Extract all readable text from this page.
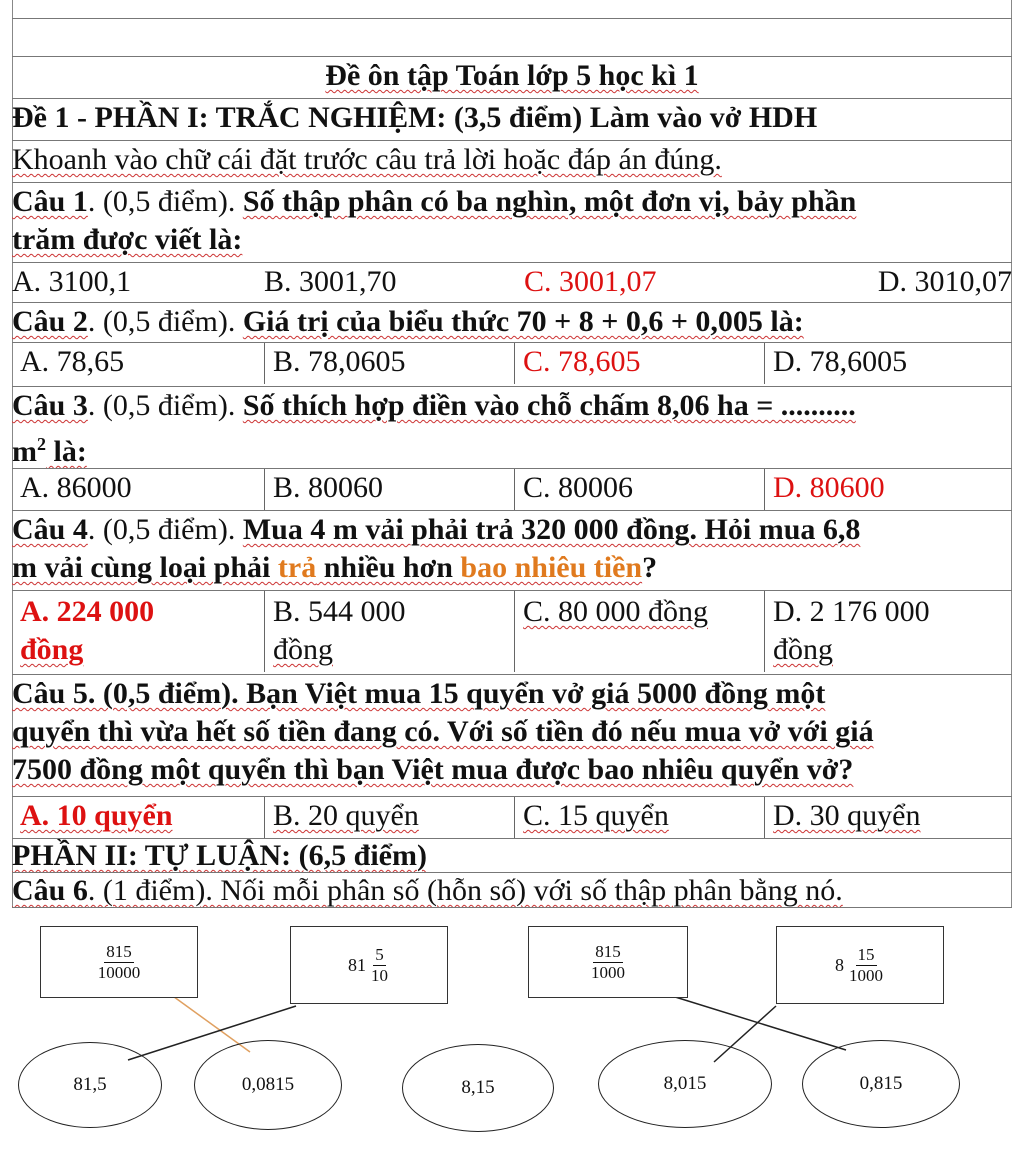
Đề ôn tập Toán lớp 5 học kì 1
Đề 1 - PHẦN I: TRẮC NGHIỆM: (3,5 điểm) Làm vào vở HDH
Khoanh vào chữ cái đặt trước câu trả lời hoặc đáp án đúng.
Câu 1. (0,5 điểm). Số thập phân có ba nghìn, một đơn vị, bảy phần
trăm được viết là:
A. 3100,1	B. 3001,70	C. 3001,07	D. 3010,07
Câu 2. (0,5 điểm). Giá trị của biểu thức 70 + 8 + 0,6 + 0,005 là:
A. 78,65	B. 78,0605	C. 78,605	D. 78,6005
Câu 3. (0,5 điểm). Số thích hợp điền vào chỗ chấm 8,06 ha = ..........
$m^2$ là:
A. 86000	B. 80060	C. 80006	D. 80600
Câu 4. (0,5 điểm). Mua 4 m vải phải trả 320 000 đồng. Hỏi mua 6,8
m vải cùng loại phải trả nhiều hơn bao nhiêu tiền?
A. 224 000
đồng
B. 544 000
đồng
C. 80 000 đồng	D. 2 176 000
đồng
Câu 5. (0,5 điểm). Bạn Việt mua 15 quyển vở giá 5000 đồng một
quyển thì vừa hết số tiền đang có. Với số tiền đó nếu mua vở với giá
7500 đồng một quyển thì bạn Việt mua được bao nhiêu quyển vở?
A. 10 quyển	B. 20 quyển	C. 15 quyển	D. 30 quyển
PHẦN II: TỰ LUẬN: (6,5 điểm)
Câu 6. (1 điểm). Nối mỗi phân số (hỗn số) với số thập phân bằng nó.
$\frac{815}{10000}$	$81 \frac{5}{10}$	$\frac{815}{1000}$	$8 \frac{15}{1000}$
81,5	0,0815	8,15	8,015	0,815
